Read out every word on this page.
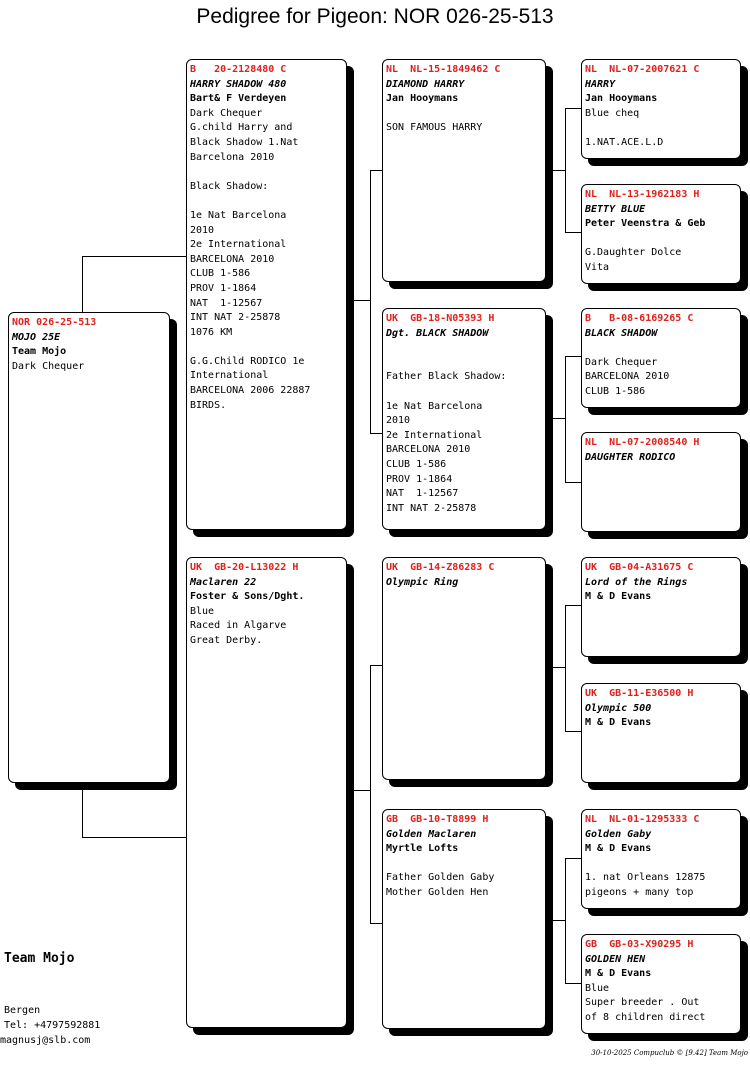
Pedigree for Pigeon: NOR 026-25-513
NOR 026-25-513
MOJO 25E
Team Mojo
Dark Chequer
B   20-2128480 C
HARRY SHADOW 480
Bart& F Verdeyen
Dark Chequer
G.child Harry and
Black Shadow 1.Nat
Barcelona 2010

Black Shadow:

1e Nat Barcelona
2010
2e International
BARCELONA 2010
CLUB 1-586
PROV 1-1864
NAT  1-12567
INT NAT 2-25878
1076 KM

G.G.Child RODICO 1e
International
BARCELONA 2006 22887
BIRDS.
UK  GB-20-L13022 H
Maclaren 22
Foster & Sons/Dght.
Blue
Raced in Algarve
Great Derby.
NL  NL-15-1849462 C
DIAMOND HARRY
Jan Hooymans

SON FAMOUS HARRY
UK  GB-18-N05393 H
Dgt. BLACK SHADOW

Father Black Shadow:

1e Nat Barcelona
2010
2e International
BARCELONA 2010
CLUB 1-586
PROV 1-1864
NAT  1-12567
INT NAT 2-25878
UK  GB-14-Z86283 C
Olympic Ring
GB  GB-10-T8899 H
Golden Maclaren
Myrtle Lofts

Father Golden Gaby
Mother Golden Hen
NL  NL-07-2007621 C
HARRY
Jan Hooymans
Blue cheq

1.NAT.ACE.L.D
NL  NL-13-1962183 H
BETTY BLUE
Peter Veenstra & Geb

G.Daughter Dolce
Vita
B   B-08-6169265 C
BLACK SHADOW

Dark Chequer
BARCELONA 2010
CLUB 1-586
NL  NL-07-2008540 H
DAUGHTER RODICO
UK  GB-04-A31675 C
Lord of the Rings
M & D Evans
UK  GB-11-E36500 H
Olympic 500
M & D Evans
NL  NL-01-1295333 C
Golden Gaby
M & D Evans

1. nat Orleans 12875
pigeons + many top
GB  GB-03-X90295 H
GOLDEN HEN
M & D Evans
Blue
Super breeder . Out
of 8 children direct
Team Mojo
Bergen
Tel: +4797592881
magnusj@slb.com
30-10-2025 Compuclub © [9.42] Team Mojo
